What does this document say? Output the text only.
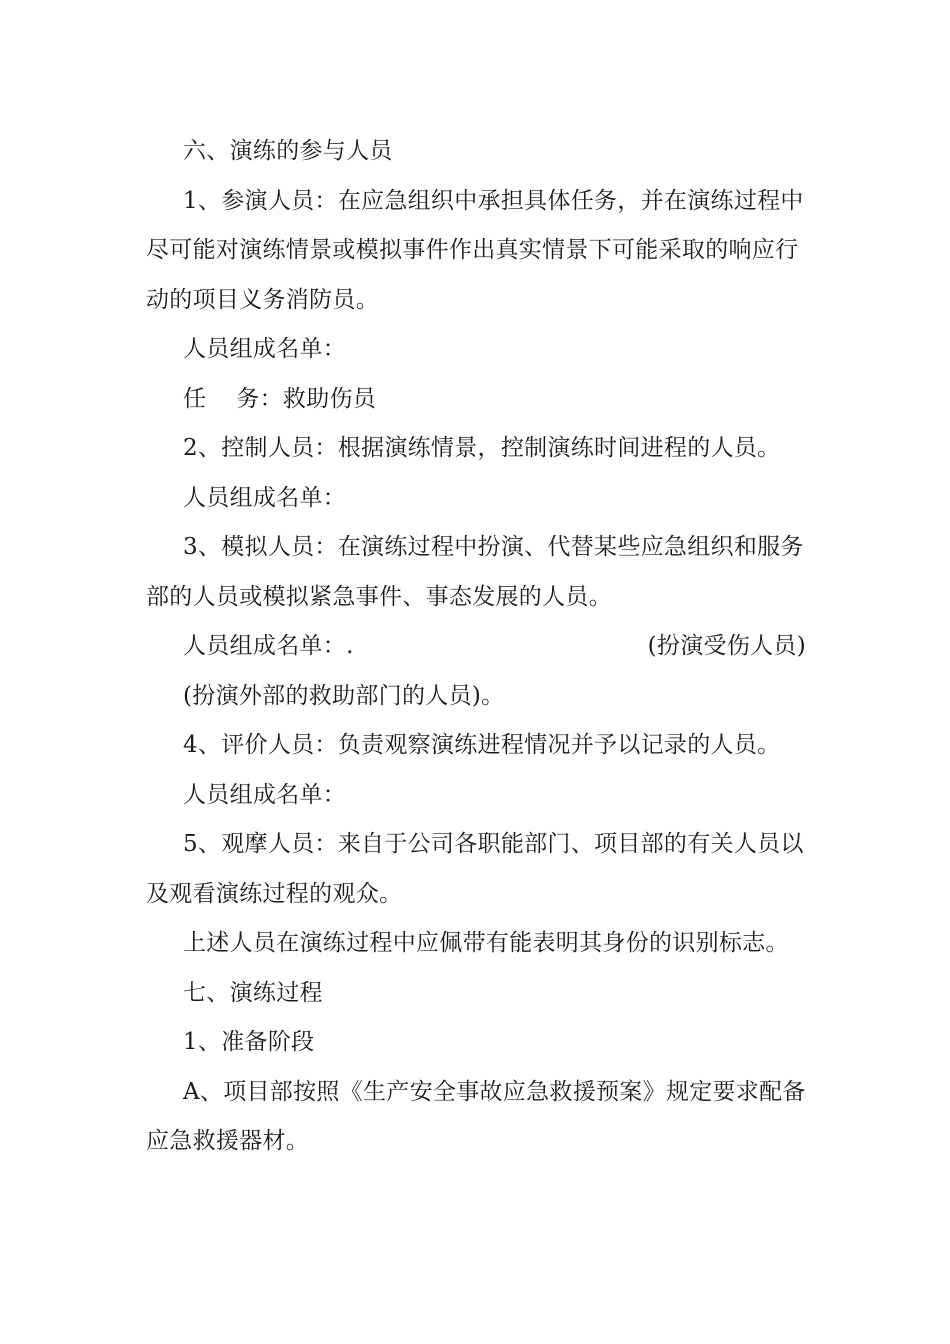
六、演练的参与人员

1、参演人员：在应急组织中承担具体任务，并在演练过程中尽可能对演练情景或模拟事件作出真实情景下可能采取的响应行动的项目义务消防员。

人员组成名单：

任 务：救助伤员

2、控制人员：根据演练情景，控制演练时间进程的人员。

人员组成名单：

3、模拟人员：在演练过程中扮演、代替某些应急组织和服务部的人员或模拟紧急事件、事态发展的人员。

人员组成名单：.	(扮演受伤人员)

(扮演外部的救助部门的人员)。

4、评价人员：负责观察演练进程情况并予以记录的人员。

人员组成名单：

5、观摩人员：来自于公司各职能部门、项目部的有关人员以及观看演练过程的观众。

上述人员在演练过程中应佩带有能表明其身份的识别标志。

七、演练过程

1、准备阶段

A、项目部按照《生产安全事故应急救援预案》规定要求配备应急救援器材。
